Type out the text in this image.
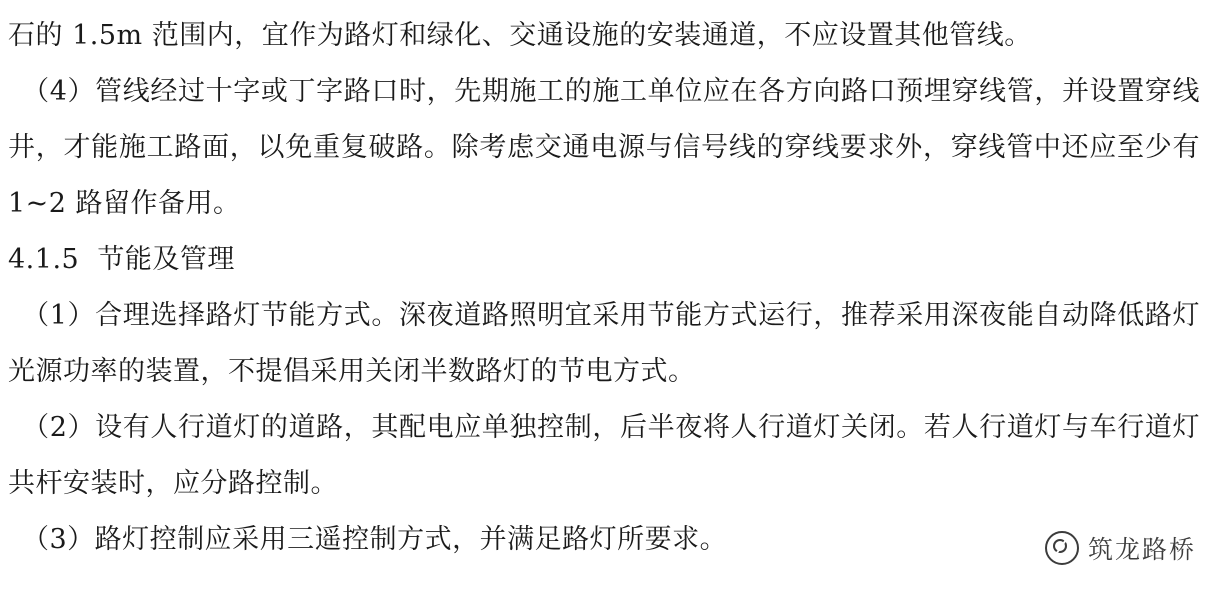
石的 1.5m 范围内，宜作为路灯和绿化、交通设施的安装通道，不应设置其他管线。

　（4）管线经过十字或丁字路口时，先期施工的施工单位应在各方向路口预埋穿线管，并设置穿线井，才能施工路面，以免重复破路。除考虑交通电源与信号线的穿线要求外，穿线管中还应至少有 1~2 路留作备用。

4.1.5  节能及管理

　（1）合理选择路灯节能方式。深夜道路照明宜采用节能方式运行，推荐采用深夜能自动降低路灯光源功率的装置，不提倡采用关闭半数路灯的节电方式。

　（2）设有人行道灯的道路，其配电应单独控制，后半夜将人行道灯关闭。若人行道灯与车行道灯共杆安装时，应分路控制。

　（3）路灯控制应采用三遥控制方式，并满足路灯所要求。	筑龙路桥
